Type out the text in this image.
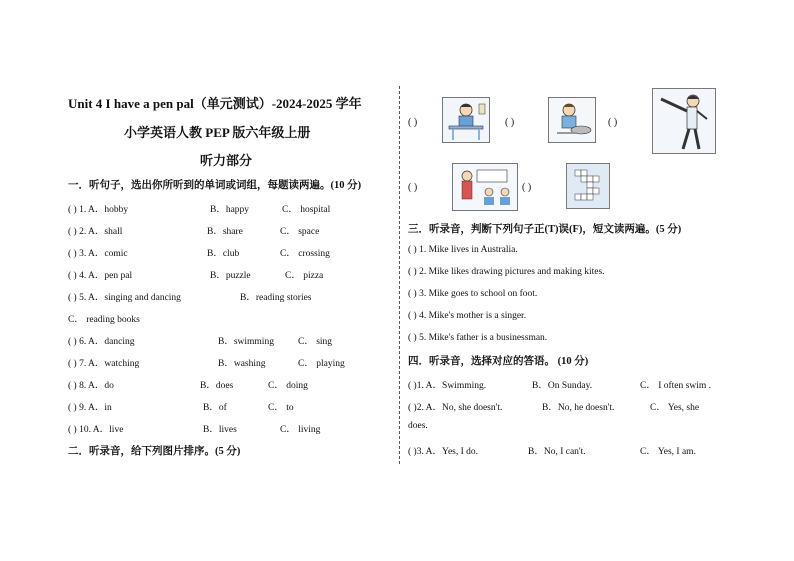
Unit 4 I have a pen pal（单元测试）-2024-2025 学年
小学英语人教 PEP 版六年级上册
听力部分
一．听句子，选出你所听到的单词或词组，每题读两遍。(10 分)
( ) 1. A．hobby	B．happy	C． hospital
( ) 2. A．shall	B．share	C． space
( ) 3. A．comic	B．club	C． crossing
( ) 4. A．pen pal	B．puzzle	C． pizza
( ) 5. A．singing and dancing	B．reading stories
C． reading books
( ) 6. A．dancing	B．swimming	C． sing
( ) 7. A．watching	B．washing	C． playing
( ) 8. A．do	B．does	C． doing
( ) 9. A．in	B．of	C． to
( ) 10. A．live	B．lives	C． living
二．听录音，给下列图片排序。(5 分)
( )	( )	( )
( )	( )
三．听录音，判断下列句子正(T)误(F)，短文读两遍。(5 分)
( ) 1. Mike lives in Australia.
( ) 2. Mike likes drawing pictures and making kites.
( ) 3. Mike goes to school on foot.
( ) 4. Mike's mother is a singer.
( ) 5. Mike's father is a businessman.
四．听录音，选择对应的答语。 (10 分)
( )1. A．Swimming.	B．On Sunday.	C． I often swim .
( )2. A．No, she doesn't.	B．No, he doesn't.	C． Yes, she
does.
( )3. A．Yes, I do.	B．No, I can't.	C． Yes, I am.
